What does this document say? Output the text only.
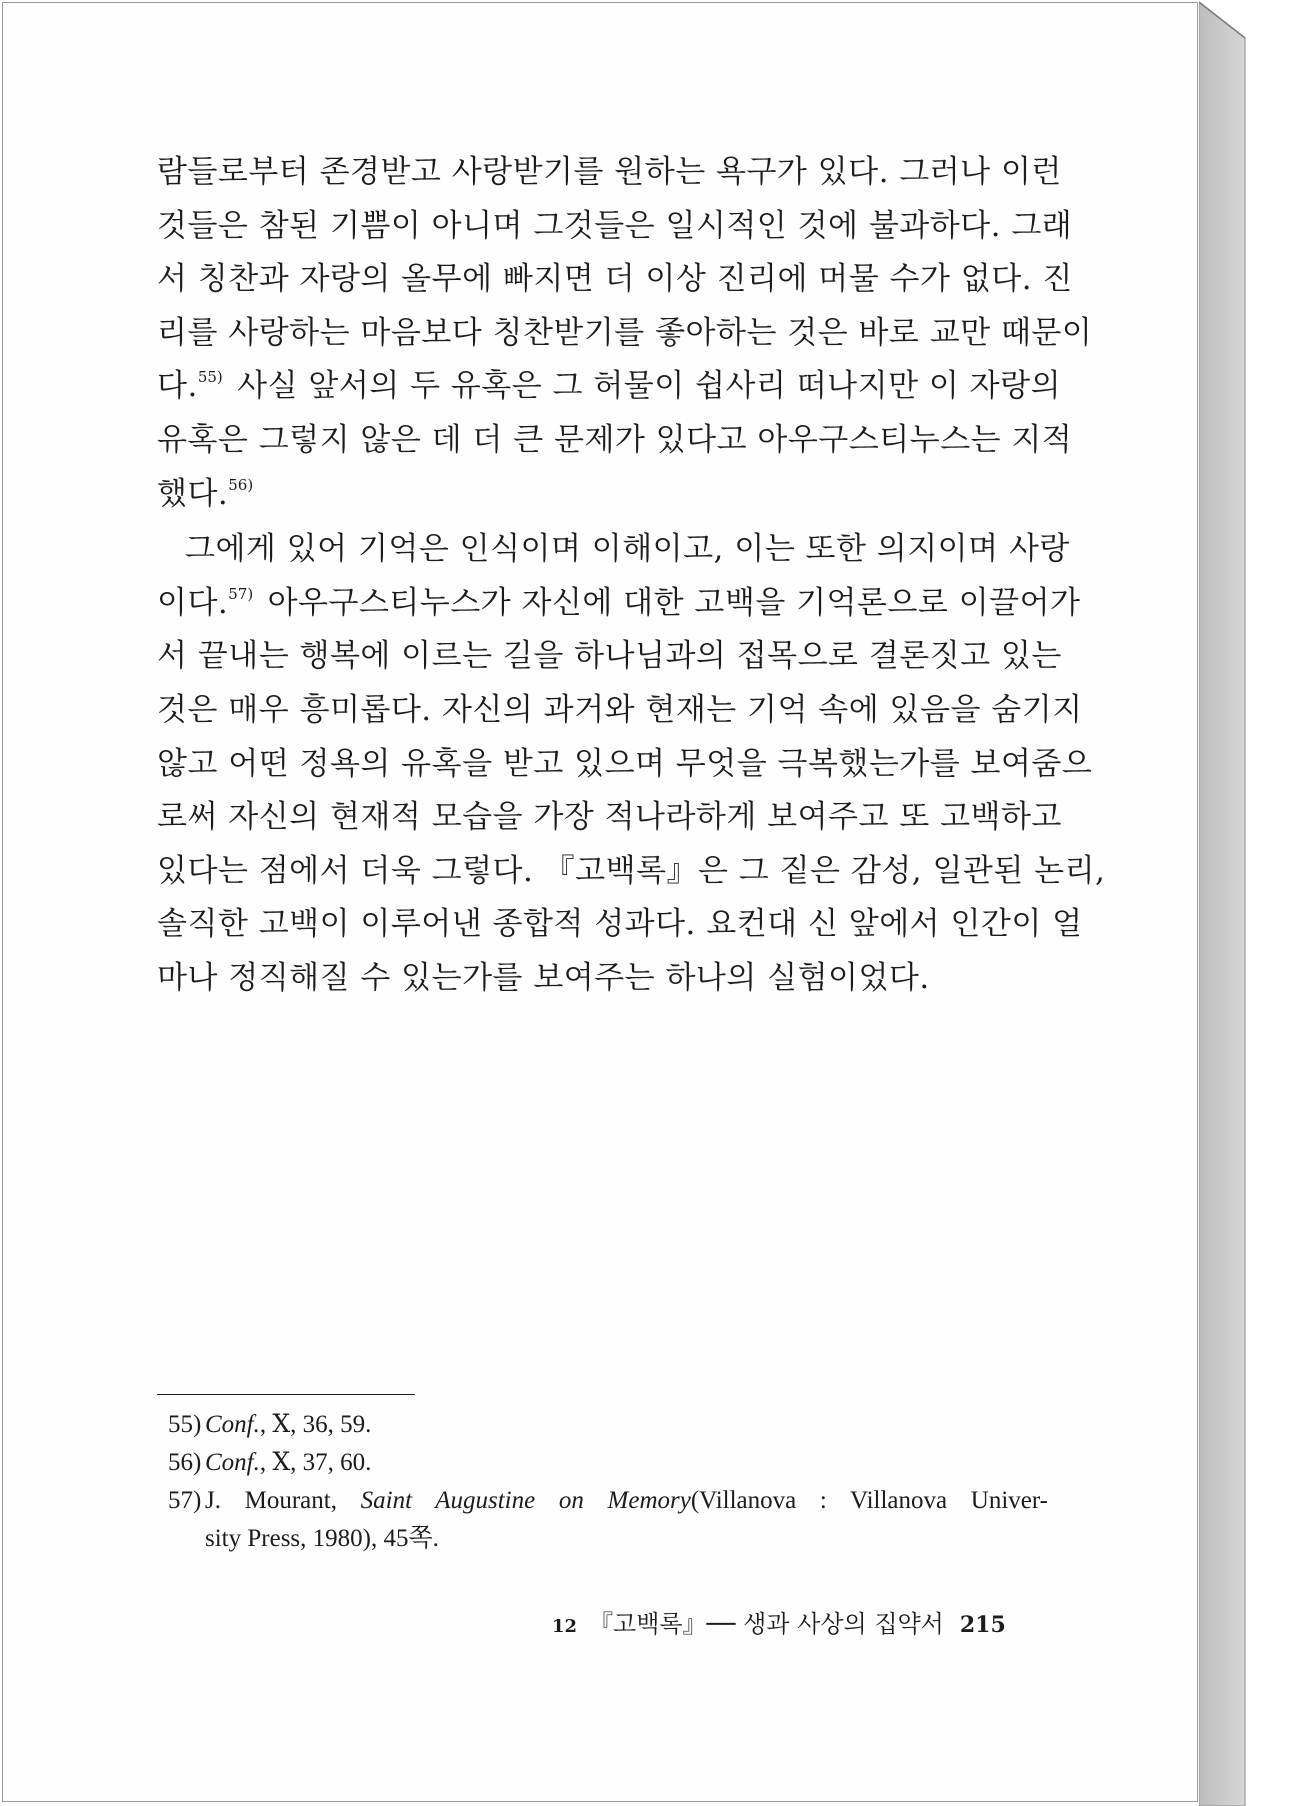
람들로부터 존경받고 사랑받기를 원하는 욕구가 있다. 그러나 이런
것들은 참된 기쁨이 아니며 그것들은 일시적인 것에 불과하다. 그래
서 칭찬과 자랑의 올무에 빠지면 더 이상 진리에 머물 수가 없다. 진
리를 사랑하는 마음보다 칭찬받기를 좋아하는 것은 바로 교만 때문이
다.$^{55)}$ 사실 앞서의 두 유혹은 그 허물이 쉽사리 떠나지만 이 자랑의
유혹은 그렇지 않은 데 더 큰 문제가 있다고 아우구스티누스는 지적
했다.$^{56)}$
그에게 있어 기억은 인식이며 이해이고, 이는 또한 의지이며 사랑
이다.$^{57)}$ 아우구스티누스가 자신에 대한 고백을 기억론으로 이끌어가
서 끝내는 행복에 이르는 길을 하나님과의 접목으로 결론짓고 있는
것은 매우 흥미롭다. 자신의 과거와 현재는 기억 속에 있음을 숨기지
않고 어떤 정욕의 유혹을 받고 있으며 무엇을 극복했는가를 보여줌으
로써 자신의 현재적 모습을 가장 적나라하게 보여주고 또 고백하고
있다는 점에서 더욱 그렇다. 『고백록』은 그 짙은 감성, 일관된 논리,
솔직한 고백이 이루어낸 종합적 성과다. 요컨대 신 앞에서 인간이 얼
마나 정직해질 수 있는가를 보여주는 하나의 실험이었다.
55) Conf., Ⅹ, 36, 59.
56) Conf., Ⅹ, 37, 60.
57) J. Mourant, Saint Augustine on Memory(Villanova : Villanova Univer-
sity Press, 1980), 45쪽.
12 『고백록』── 생과 사상의 집약서 215
